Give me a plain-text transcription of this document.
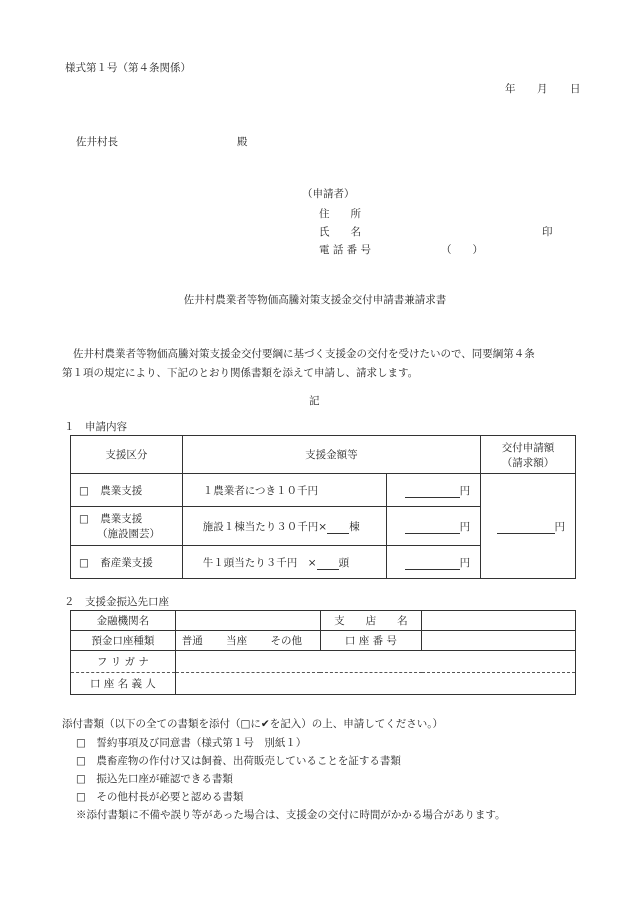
様式第１号（第４条関係）
年 月 日
佐井村長	殿
（申請者）
住　　所
氏　　名	印
電 話 番 号	（　　）
佐井村農業者等物価高騰対策支援金交付申請書兼請求書
佐井村農業者等物価高騰対策支援金交付要綱に基づく支援金の交付を受けたいので、同要綱第４条
第１項の規定により、下記のとおり関係書類を添えて申請し、請求します。
記
１　申請内容
支援区分	支援金額等		交付申請額
（請求額）

□ 農業支援	１農業者につき１０千円	円	円

□ 農業支援
（施設園芸）	施設１棟当たり３０千円× 棟	円	
□ 畜産業支援	牛１頭当たり３千円　× 頭	円	
２　支援金振込先口座
金融機関名		支　　店　　名	
預金口座種類	普通 当座 その他	口 座 番 号	
フ リ ガ ナ			
口 座 名 義 人			
添付書類（以下の全ての書類を添付（□に✔を記入）の上、申請してください。）
□　誓約事項及び同意書（様式第１号　別紙１）
□　農畜産物の作付け又は飼養、出荷販売していることを証する書類
□　振込先口座が確認できる書類
□　その他村長が必要と認める書類
※添付書類に不備や誤り等があった場合は、支援金の交付に時間がかかる場合があります。
